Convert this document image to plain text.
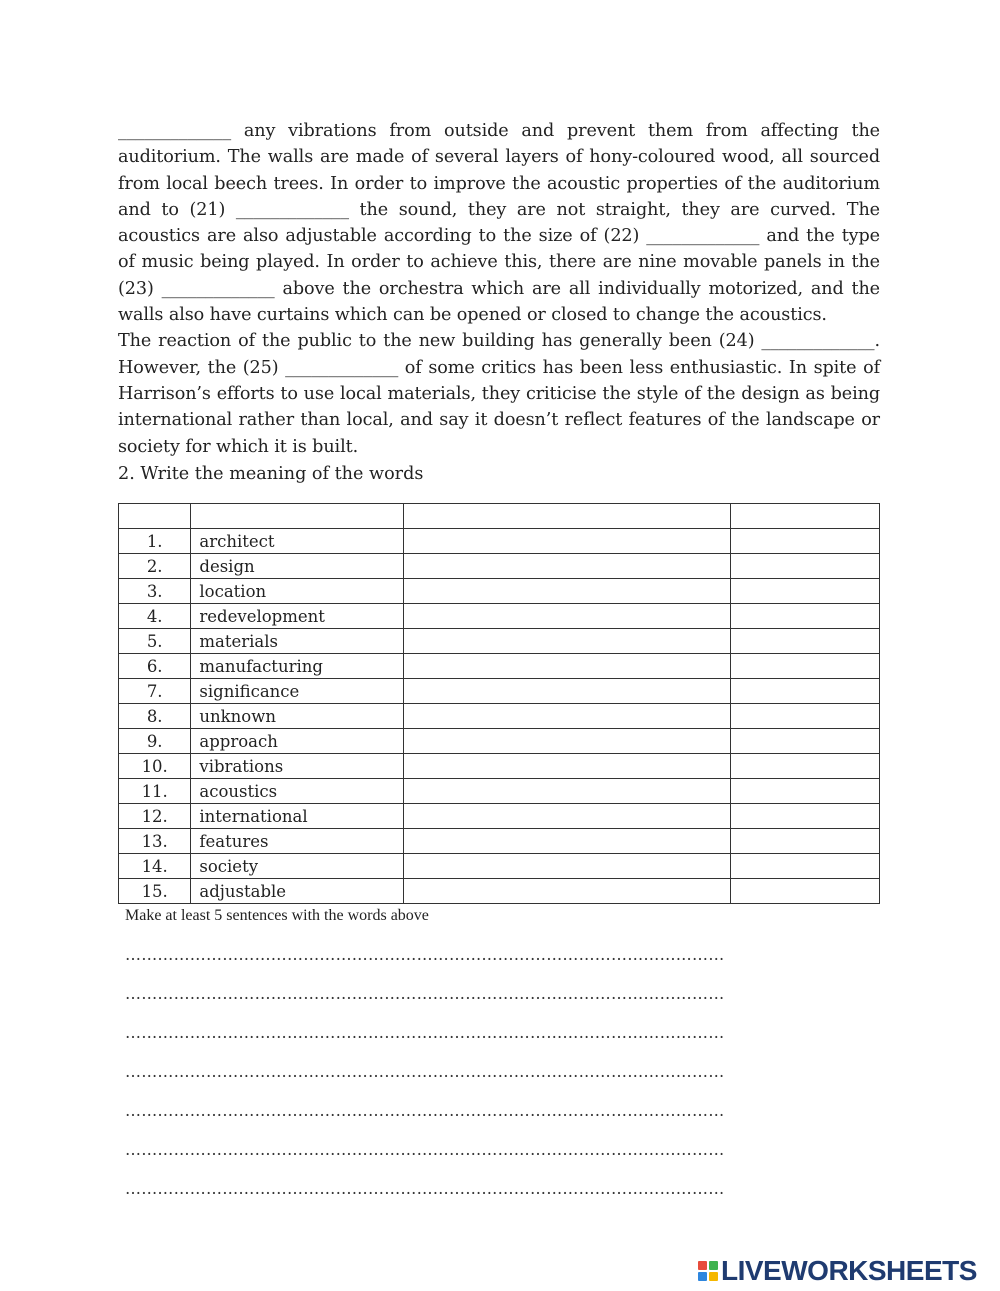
_____________ any vibrations from outside and prevent them from affecting the auditorium. The walls are made of several layers of hony-coloured wood, all sourced from local beech trees. In order to improve the acoustic properties of the auditorium and to (21) _____________ the sound, they are not straight, they are curved. The acoustics are also adjustable according to the size of (22) _____________ and the type of music being played. In order to achieve this, there are nine movable panels in the (23) _____________ above the orchestra which are all individually motorized, and the walls also have curtains which can be opened or closed to change the acoustics.

The reaction of the public to the new building has generally been (24) _____________. However, the (25) _____________ of some critics has been less enthusiastic. In spite of Harrison’s efforts to use local materials, they criticise the style of the design as being international rather than local, and say it doesn’t reflect features of the landscape or society for which it is built.

2. Write the meaning of the words

1.	architect		
2.	design		
3.	location		
4.	redevelopment		
5.	materials		
6.	manufacturing		
7.	significance		
8.	unknown		
9.	approach		
10.	vibrations		
11.	acoustics		
12.	international		
13.	features		
14.	society		
15.	adjustable		
Make at least 5 sentences with the words above
…………………………………………………………………………………………………
…………………………………………………………………………………………………
…………………………………………………………………………………………………
…………………………………………………………………………………………………
…………………………………………………………………………………………………
…………………………………………………………………………………………………
…………………………………………………………………………………………………
LIVEWORKSHEETS
